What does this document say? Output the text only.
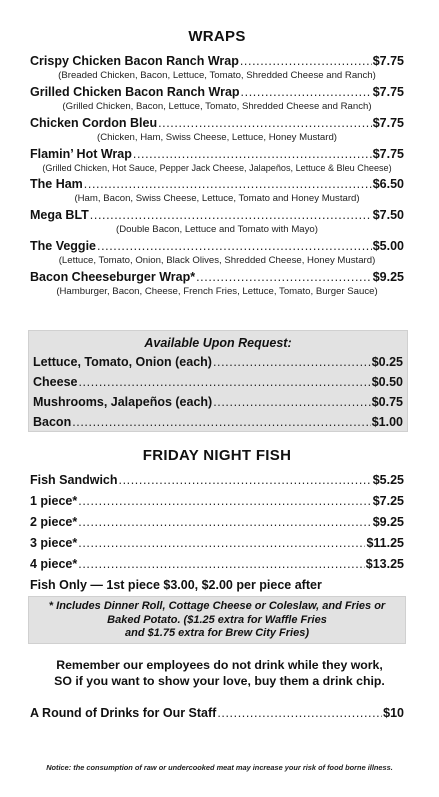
WRAPS
Crispy Chicken Bacon Ranch Wrap .....	$7.75
(Breaded Chicken, Bacon, Lettuce, Tomato, Shredded Cheese and Ranch)
Grilled Chicken Bacon Ranch Wrap .....	$7.75
(Grilled Chicken, Bacon, Lettuce, Tomato, Shredded Cheese and Ranch)
Chicken Cordon Bleu .....	$7.75
(Chicken, Ham, Swiss Cheese, Lettuce, Honey Mustard)
Flamin’ Hot Wrap .....	$7.75
(Grilled Chicken, Hot Sauce, Pepper Jack Cheese, Jalapeños, Lettuce & Bleu Cheese)
The Ham .....	$6.50
(Ham, Bacon, Swiss Cheese, Lettuce, Tomato and Honey Mustard)
Mega BLT .....	$7.50
(Double Bacon, Lettuce and Tomato with Mayo)
The Veggie .....	$5.00
(Lettuce, Tomato, Onion, Black Olives, Shredded Cheese, Honey Mustard)
Bacon Cheeseburger Wrap* .....	$9.25
(Hamburger, Bacon, Cheese, French Fries, Lettuce, Tomato, Burger Sauce)
Available Upon Request:
Lettuce, Tomato, Onion (each) .....	$0.25
Cheese .....	$0.50
Mushrooms, Jalapeños (each) .....	$0.75
Bacon .....	$1.00
FRIDAY NIGHT FISH
Fish Sandwich .....	$5.25
1 piece* .....	$7.25
2 piece* .....	$9.25
3 piece* .....	$11.25
4 piece* .....	$13.25
Fish Only — 1st piece $3.00, $2.00 per piece after
* Includes Dinner Roll, Cottage Cheese or Coleslaw, and Fries or
Baked Potato. ($1.25 extra for Waffle Fries
and $1.75 extra for Brew City Fries)
Remember our employees do not drink while they work,
SO if you want to show your love, buy them a drink chip.
A Round of Drinks for Our Staff .....	$10
Notice: the consumption of raw or undercooked meat may increase your risk of food borne illness.
